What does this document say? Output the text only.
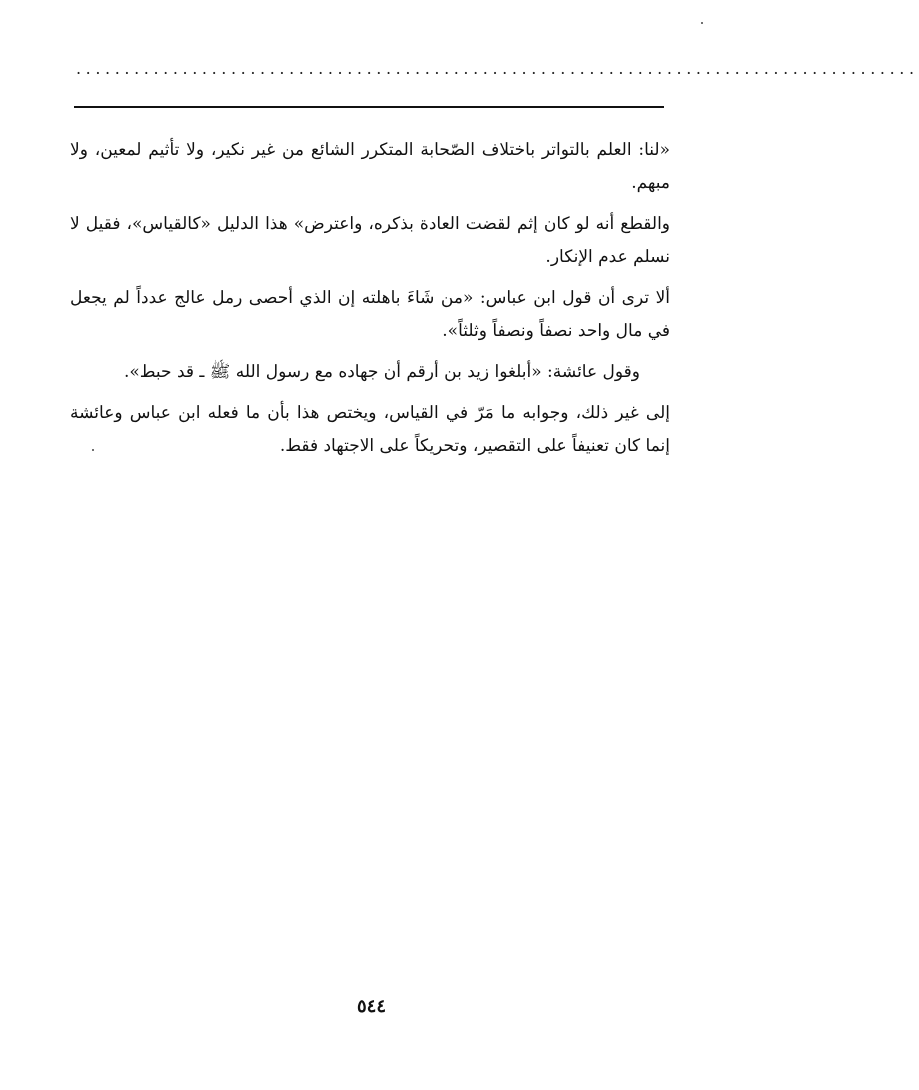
.......................................................................................

«لنا: العلم بالتواتر باختلاف الصّحابة المتكرر الشائع من غير نكير، ولا تأثيم لمعين، ولا مبهم.

والقطع أنه لو كان إثم لقضت العادة بذكره، واعترض» هذا الدليل «كالقياس»، فقيل لا نسلم عدم الإنكار.

ألا ترى أن قول ابن عباس: «من شَاءَ باهلته إن الذي أحصى رمل عالج عدداً لم يجعل في مال واحد نصفاً ونصفاً وثلثاً».

وقول عائشة: «أبلغوا زيد بن أرقم أن جهاده مع رسول الله ﷺ ـ قد حبط».

إلى غير ذلك، وجوابه ما مَرّ في القياس، ويختص هذا بأن ما فعله ابن عباس وعائشة إنما كان تعنيفاً على التقصير، وتحريكاً على الاجتهاد فقط.

٥٤٤
